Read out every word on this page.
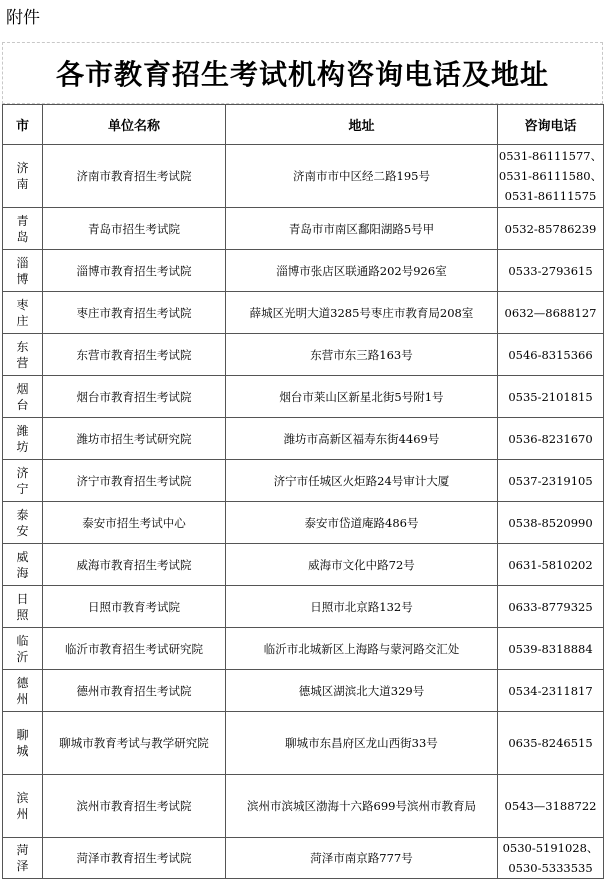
附件
各市教育招生考试机构咨询电话及地址
市	单位名称	地址	咨询电话

济南	济南市教育招生考试院	济南市市中区经二路195号	0531-86111577、
0531-86111580、
0531-86111575

青岛	青岛市招生考试院	青岛市市南区鄱阳湖路5号甲	0532-85786239

淄博	淄博市教育招生考试院	淄博市张店区联通路202号926室	0533-2793615

枣庄	枣庄市教育招生考试院	薛城区光明大道3285号枣庄市教育局208室	0632—8688127

东营	东营市教育招生考试院	东营市东三路163号	0546-8315366

烟台	烟台市教育招生考试院	烟台市莱山区新星北街5号附1号	0535-2101815

潍坊	潍坊市招生考试研究院	潍坊市高新区福寿东街4469号	0536-8231670

济宁	济宁市教育招生考试院	济宁市任城区火炬路24号审计大厦	0537-2319105

泰安	泰安市招生考试中心	泰安市岱道庵路486号	0538-8520990

威海	威海市教育招生考试院	威海市文化中路72号	0631-5810202

日照	日照市教育考试院	日照市北京路132号	0633-8779325

临沂	临沂市教育招生考试研究院	临沂市北城新区上海路与蒙河路交汇处	0539-8318884

德州	德州市教育招生考试院	德城区湖滨北大道329号	0534-2311817

聊城	聊城市教育考试与教学研究院	聊城市东昌府区龙山西街33号	0635-8246515

滨州	滨州市教育招生考试院	滨州市滨城区渤海十六路699号滨州市教育局	0543—3188722

菏泽	菏泽市教育招生考试院	菏泽市南京路777号	0530-5191028、
0530-5333535
